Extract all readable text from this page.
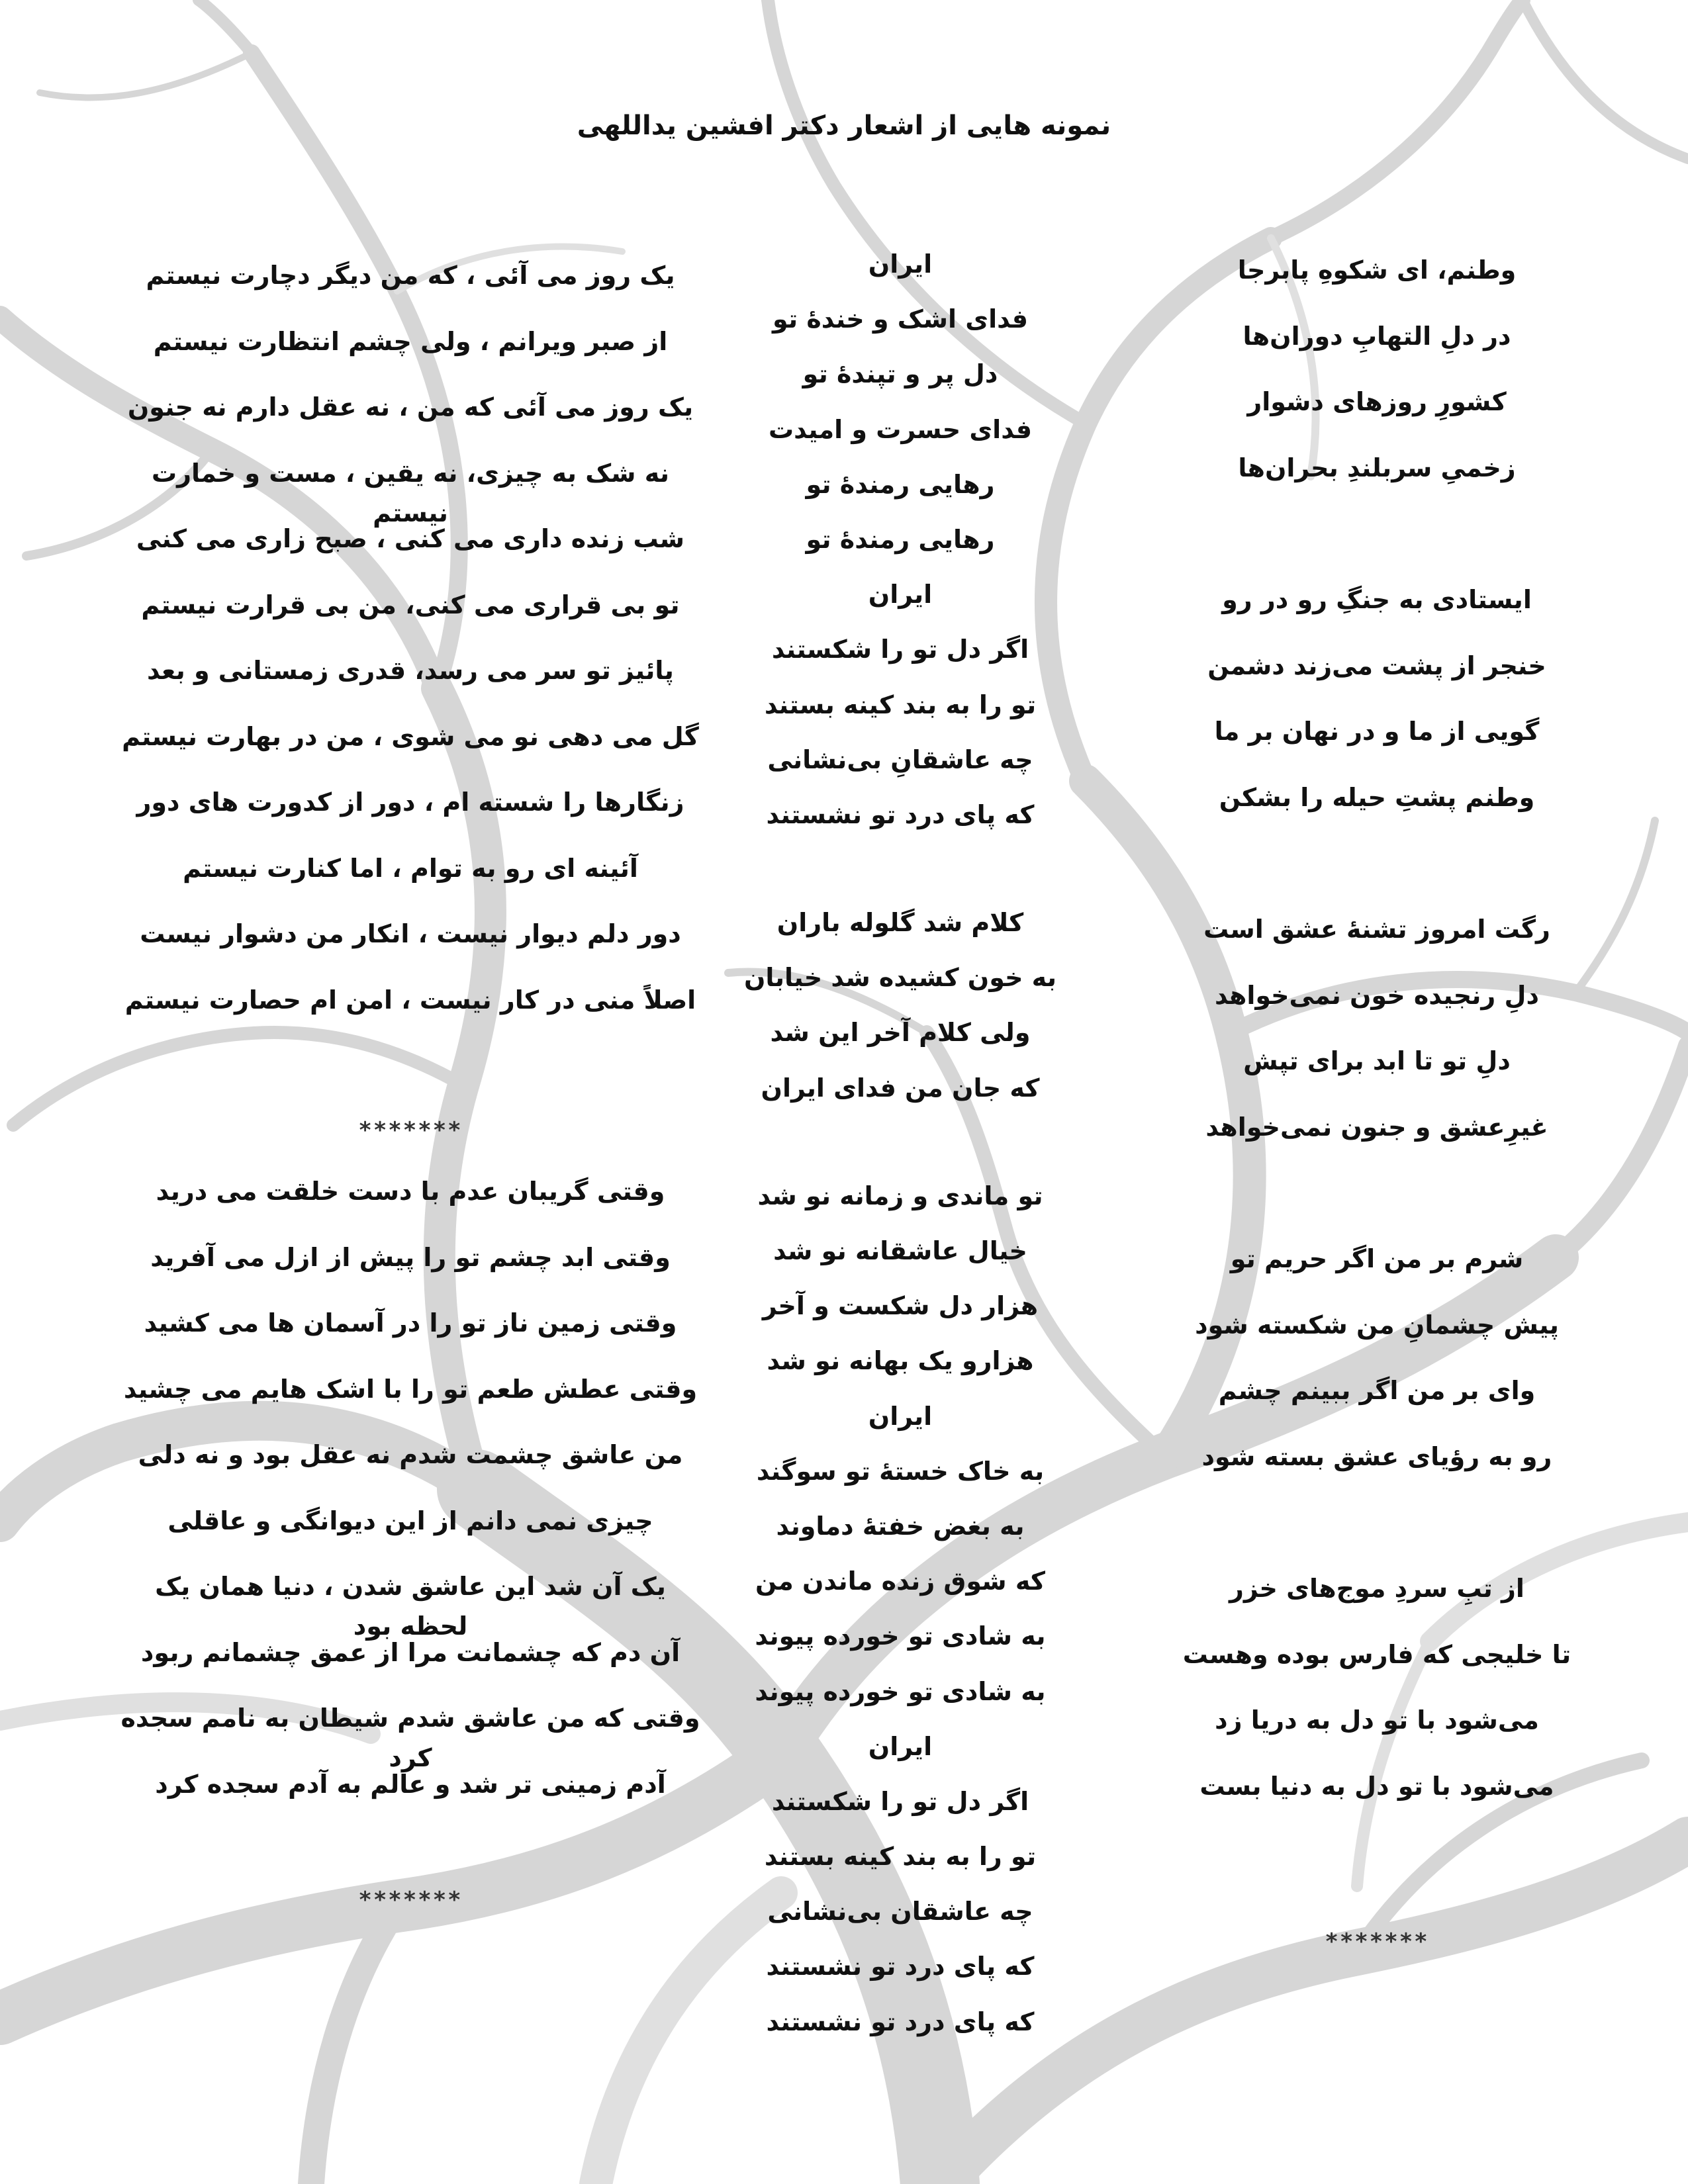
نمونه هایی از اشعار دکتر افشین یداللهی
وطنم، ای شکوهِ پابرجا
در دلِ التهابِ دوران‌ها
کشورِ روزهای دشوار
زخمیِ سربلندِ بحران‌ها
ایستادی به جنگِ رو در رو
خنجر از پشت می‌زند دشمن
گویی از ما و در نهان بر ما
وطنم پشتِ حیله را بشکن
رگت امروز تشنهٔ عشق است
دلِ رنجیده خون نمی‌خواهد
دلِ تو تا ابد برای تپش
غیرِعشق و جنون نمی‌خواهد
شرم بر من اگر حریم تو
پیش چشمانِ من شکسته شود
وای بر من اگر ببینم چشم
رو به رؤیای عشق بسته شود
از تبِ سردِ موج‌های خزر
تا خلیجی که فارس بوده وهست
می‌شود با تو دل به دریا زد
می‌شود با تو دل به دنیا بست
*******
ایران
فدای اشک و خندهٔ تو
دل پر و تپندهٔ تو
فدای حسرت و امیدت
رهایی رمندهٔ تو
رهایی رمندهٔ تو
ایران
اگر دل تو را شکستند
تو را به بند کینه بستند
چه عاشقانِ بی‌نشانی
که پای درد تو نشستند
کلام شد گلوله باران
به خون کشیده شد خیابان
ولی کلام آخر این شد
که جان من فدای ایران
تو ماندی و زمانه نو شد
خیال عاشقانه نو شد
هزار دل شکست و آخر
هزارو یک بهانه نو شد
ایران
به خاک خستهٔ تو سوگند
به بغض خفتهٔ دماوند
که شوق زنده ماندن من
به شادی تو خورده پیوند
به شادی تو خورده پیوند
ایران
اگر دل تو را شکستند
تو را به بند کینه بستند
چه عاشقان بی‌نشانی
که پای درد تو نشستند
که پای درد تو نشستند
یک روز می آئی ، که من دیگر دچارت نیستم
از صبر ویرانم ، ولی چشم انتظارت نیستم
یک روز می آئی که من ، نه عقل دارم نه جنون
نه شک به چیزی، نه یقین ، مست و خمارت نیستم
شب زنده داری می کنی ، صبح زاری می کنی
تو بی قراری می کنی، من بی قرارت نیستم
پائیز تو سر می رسد، قدری زمستانی و بعد
گل می دهی نو می شوی ، من در بهارت نیستم
زنگارها را شسته ام ، دور از کدورت های دور
آئینه ای رو به توام ، اما کنارت نیستم
دور دلم دیوار نیست ، انکار من دشوار نیست
اصلاً منی در کار نیست ، امن ام حصارت نیستم
*******
وقتی گریبان عدم با دست خلقت می درید
وقتی ابد چشم تو را پیش از ازل می آفرید
وقتی زمین ناز تو را در آسمان ها می کشید
وقتی عطش طعم تو را با اشک هایم می چشید
من عاشق چشمت شدم نه عقل بود و نه دلی
چیزی نمی دانم از این دیوانگی و عاقلی
یک آن شد این عاشق شدن ، دنیا همان یک لحظه بود
آن دم که چشمانت مرا از عمق چشمانم ربود
وقتی که من عاشق شدم شیطان به نامم سجده کرد
آدم زمینی تر شد و عالم به آدم سجده کرد
*******
